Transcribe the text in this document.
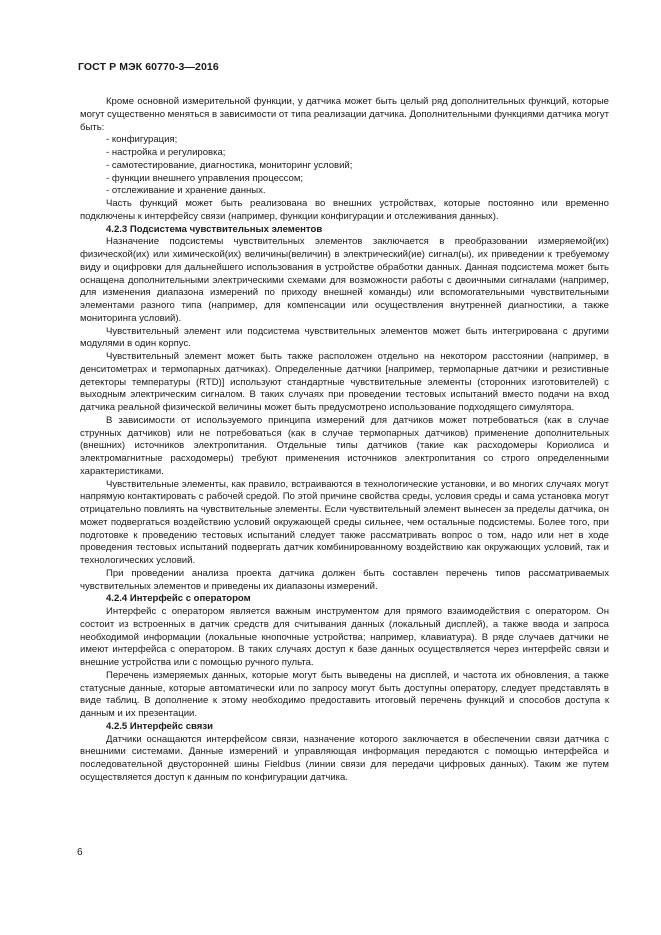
ГОСТ Р МЭК 60770-3—2016

Кроме основной измерительной функции, у датчика может быть целый ряд дополнительных функций, которые могут существенно меняться в зависимости от типа реализации датчика. Дополнительными функциями датчика могут быть:

- конфигурация;

- настройка и регулировка;

- самотестирование, диагностика, мониторинг условий;

- функции внешнего управления процессом;

- отслеживание и хранение данных.

Часть функций может быть реализована во внешних устройствах, которые постоянно или временно подключены к интерфейсу связи (например, функции конфигурации и отслеживания данных).

4.2.3 Подсистема чувствительных элементов

Назначение подсистемы чувствительных элементов заключается в преобразовании измеряемой(их) физической(их) или химической(их) величины(величин) в электрический(ие) сигнал(ы), их приведении к требуемому виду и оцифровки для дальнейшего использования в устройстве обработки данных. Данная подсистема может быть оснащена дополнительными электрическими схемами для возможности работы с двоичными сигналами (например, для изменения диапазона измерений по приходу внешней команды) или вспомогательными чувствительными элементами разного типа (например, для компенсации или осуществления внутренней диагностики, а также мониторинга условий).

Чувствительный элемент или подсистема чувствительных элементов может быть интегрирована с другими модулями в один корпус.

Чувствительный элемент может быть также расположен отдельно на некотором расстоянии (например, в денситометрах и термопарных датчиках). Определенные датчики [например, термопарные датчики и резистивные детекторы температуры (RTD)] используют стандартные чувствительные элементы (сторонних изготовителей) с выходным электрическим сигналом. В таких случаях при проведении тестовых испытаний вместо подачи на вход датчика реальной физической величины может быть предусмотрено использование подходящего симулятора.

В зависимости от используемого принципа измерений для датчиков может потребоваться (как в случае струнных датчиков) или не потребоваться (как в случае термопарных датчиков) применение дополнительных (внешних) источников электропитания. Отдельные типы датчиков (такие как расходомеры Кориолиса и электромагнитные расходомеры) требуют применения источников электропитания со строго определенными характеристиками.

Чувствительные элементы, как правило, встраиваются в технологические установки, и во многих случаях могут напрямую контактировать с рабочей средой. По этой причине свойства среды, условия среды и сама установка могут отрицательно повлиять на чувствительные элементы. Если чувствительный элемент вынесен за пределы датчика, он может подвергаться воздействию условий окружающей среды сильнее, чем остальные подсистемы. Более того, при подготовке к проведению тестовых испытаний следует также рассматривать вопрос о том, надо или нет в ходе проведения тестовых испытаний подвергать датчик комбинированному воздействию как окружающих условий, так и технологических условий.

При проведении анализа проекта датчика должен быть составлен перечень типов рассматриваемых чувствительных элементов и приведены их диапазоны измерений.

4.2.4 Интерфейс с оператором

Интерфейс с оператором является важным инструментом для прямого взаимодействия с оператором. Он состоит из встроенных в датчик средств для считывания данных (локальный дисплей), а также ввода и запроса необходимой информации (локальные кнопочные устройства; например, клавиатура). В ряде случаев датчики не имеют интерфейса с оператором. В таких случаях доступ к базе данных осуществляется через интерфейс связи и внешние устройства или с помощью ручного пульта.

Перечень измеряемых данных, которые могут быть выведены на дисплей, и частота их обновления, а также статусные данные, которые автоматически или по запросу могут быть доступны оператору, следует представлять в виде таблиц. В дополнение к этому необходимо предоставить итоговый перечень функций и способов доступа к данным и их презентации.

4.2.5 Интерфейс связи

Датчики оснащаются интерфейсом связи, назначение которого заключается в обеспечении связи датчика с внешними системами. Данные измерений и управляющая информация передаются с помощью интерфейса и последовательной двусторонней шины Fieldbus (линии связи для передачи цифровых данных). Таким же путем осуществляется доступ к данным по конфигурации датчика.

6
